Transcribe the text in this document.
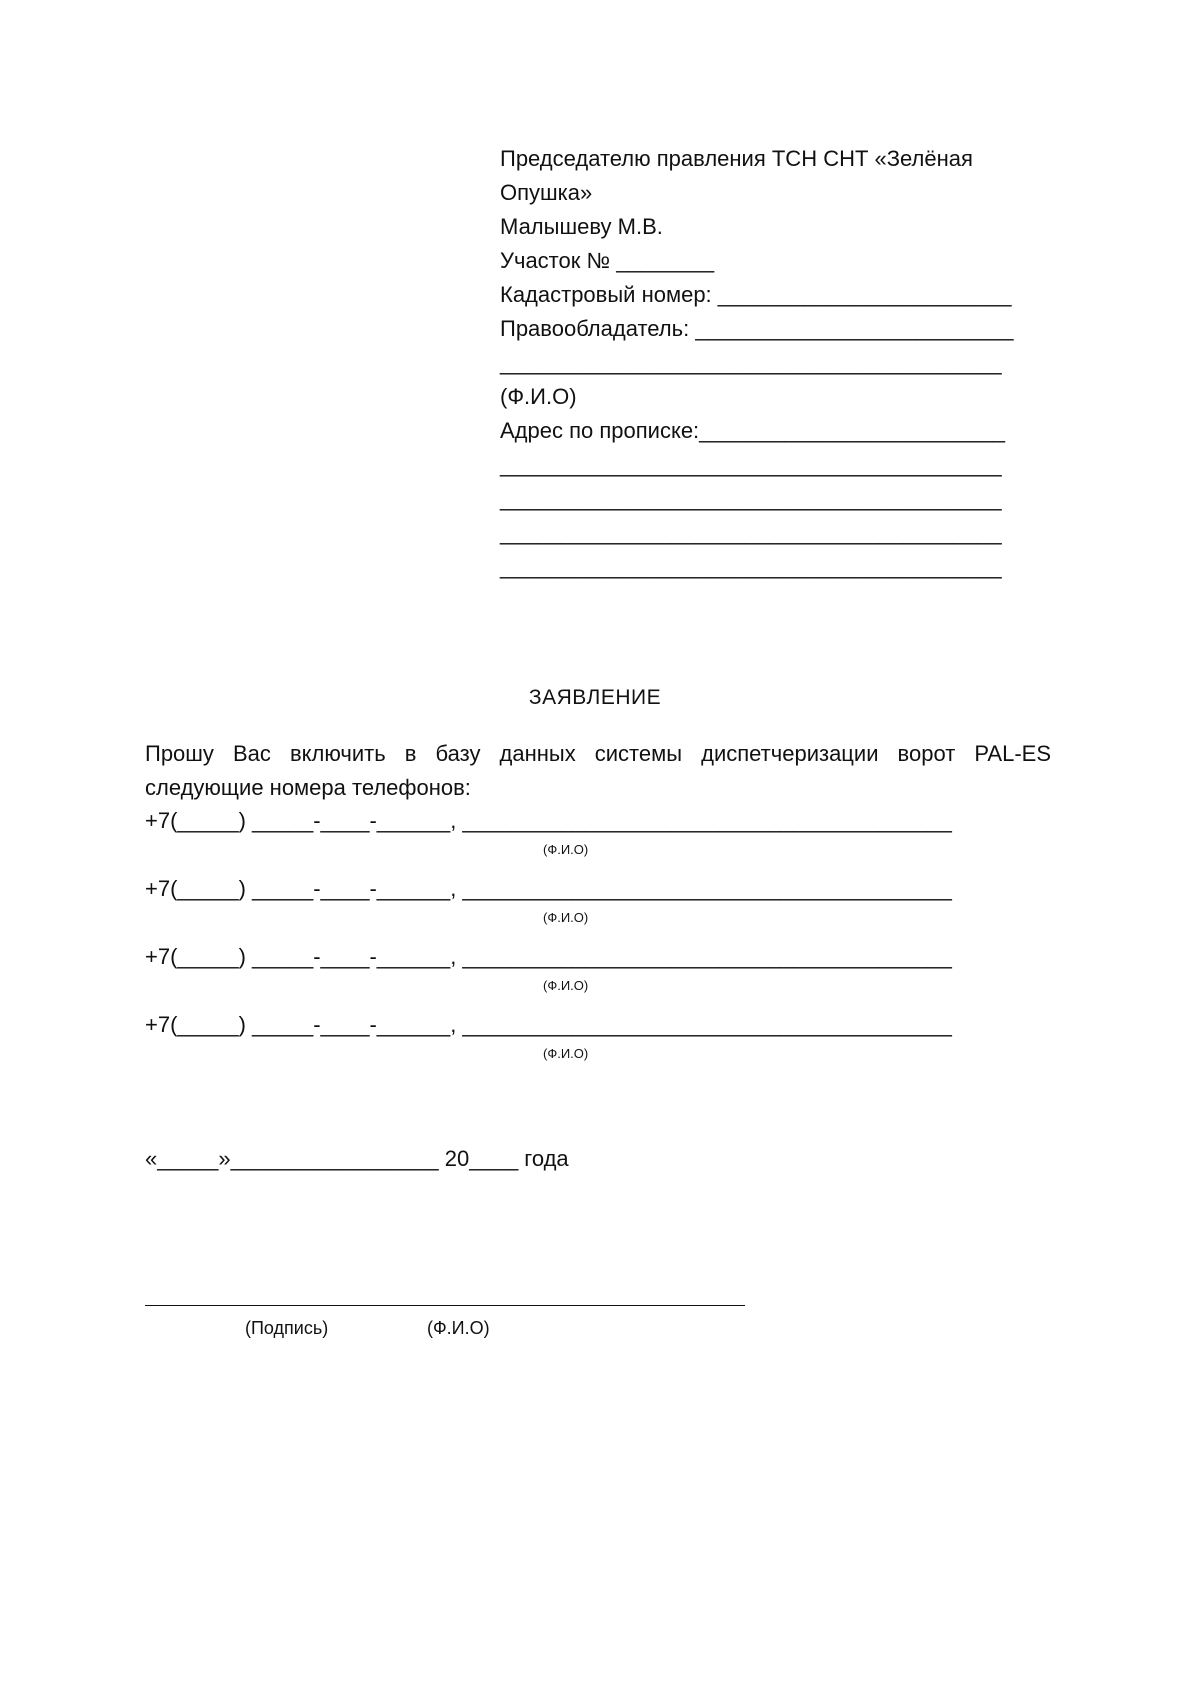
Председателю правления ТСН СНТ «Зелёная
Опушка»
Малышеву М.В.
Участок № ________
Кадастровый номер: ________________________
Правообладатель: __________________________
_________________________________________
(Ф.И.О)
Адрес по прописке:_________________________
_________________________________________
_________________________________________
_________________________________________
_________________________________________
ЗАЯВЛЕНИЕ
Прошу Вас включить в базу данных системы диспетчеризации ворот PAL-ES следующие номера телефонов:
+7(_____) _____-____-______, ________________________________________
(Ф.И.О)
+7(_____) _____-____-______, ________________________________________
(Ф.И.О)
+7(_____) _____-____-______, ________________________________________
(Ф.И.О)
+7(_____) _____-____-______, ________________________________________
(Ф.И.О)
«_____»_________________ 20____ года
(Подпись)	(Ф.И.О)
